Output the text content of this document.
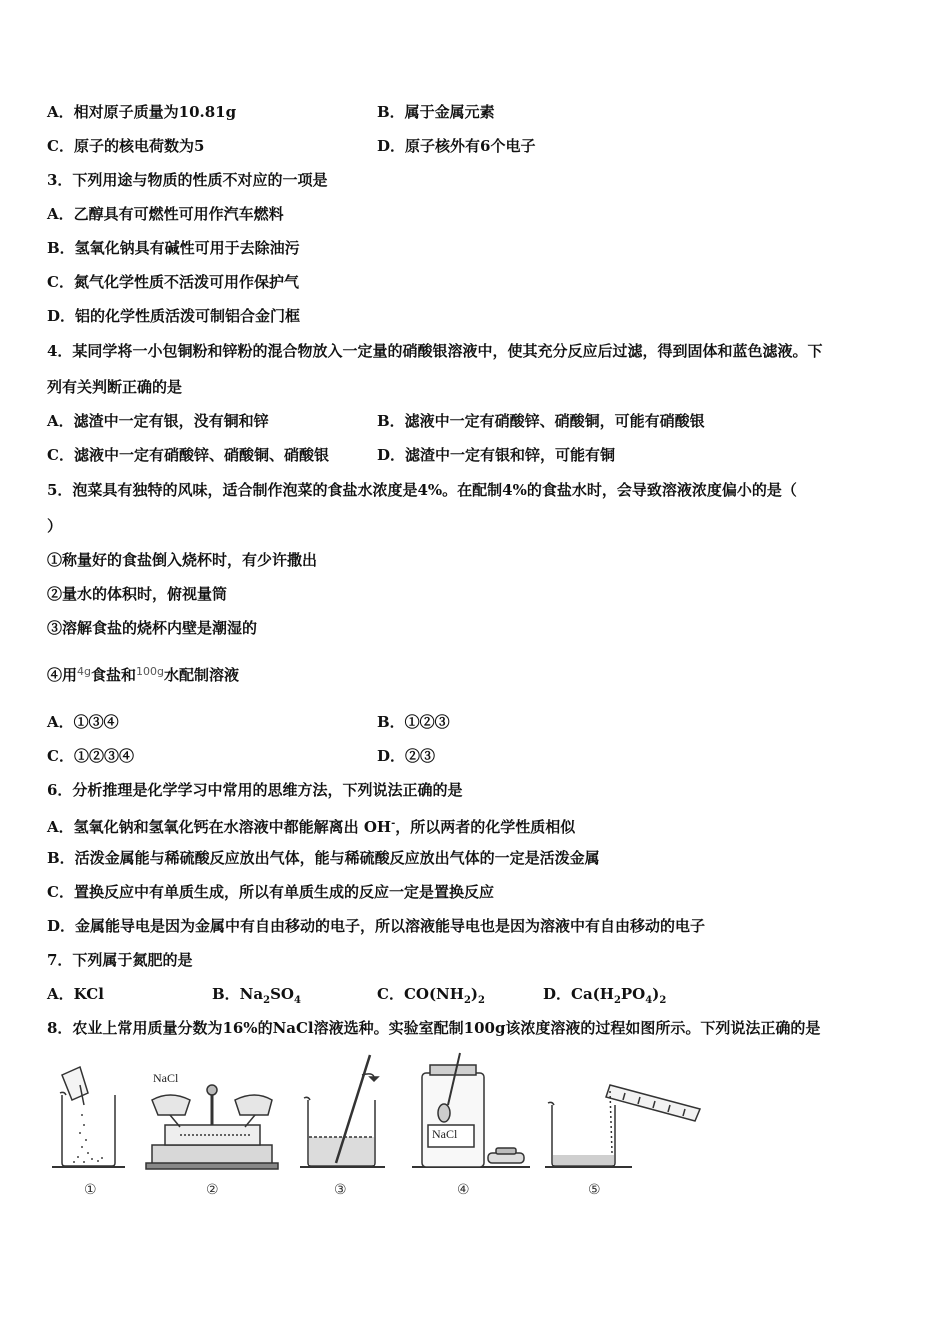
A．相对原子质量为10.81g	B．属于金属元素
C．原子的核电荷数为5	D．原子核外有6个电子
3．下列用途与物质的性质不对应的一项是
A．乙醇具有可燃性可用作汽车燃料
B．氢氧化钠具有碱性可用于去除油污
C．氮气化学性质不活泼可用作保护气
D．铝的化学性质活泼可制铝合金门框
4．某同学将一小包铜粉和锌粉的混合物放入一定量的硝酸银溶液中，使其充分反应后过滤，得到固体和蓝色滤液。下
列有关判断正确的是
A．滤渣中一定有银，没有铜和锌	B．滤液中一定有硝酸锌、硝酸铜，可能有硝酸银
C．滤液中一定有硝酸锌、硝酸铜、硝酸银	D．滤渣中一定有银和锌，可能有铜
5．泡菜具有独特的风味，适合制作泡菜的食盐水浓度是4%。在配制4%的食盐水时，会导致溶液浓度偏小的是（
）
①称量好的食盐倒入烧杯时，有少许撒出
②量水的体积时，俯视量筒
③溶解食盐的烧杯内壁是潮湿的
④用$^{4g}$食盐和$^{100g}$水配制溶液
A．①③④	B．①②③
C．①②③④	D．②③
6．分析推理是化学学习中常用的思维方法，下列说法正确的是
A．氢氧化钠和氢氧化钙在水溶液中都能解离出 OH-，所以两者的化学性质相似
B．活泼金属能与稀硫酸反应放出气体，能与稀硫酸反应放出气体的一定是活泼金属
C．置换反应中有单质生成，所以有单质生成的反应一定是置换反应
D．金属能导电是因为金属中有自由移动的电子，所以溶液能导电也是因为溶液中有自由移动的电子
7．下列属于氮肥的是
A．KCl	B．$Na_2SO_4$	C．$CO(NH_2)_2$	D．$Ca(H_2PO_4)_2$
8．农业上常用质量分数为16%的NaCl溶液选种。实验室配制100g该浓度溶液的过程如图所示。下列说法正确的是
NaCl
NaCl
①	②	③	④	⑤
